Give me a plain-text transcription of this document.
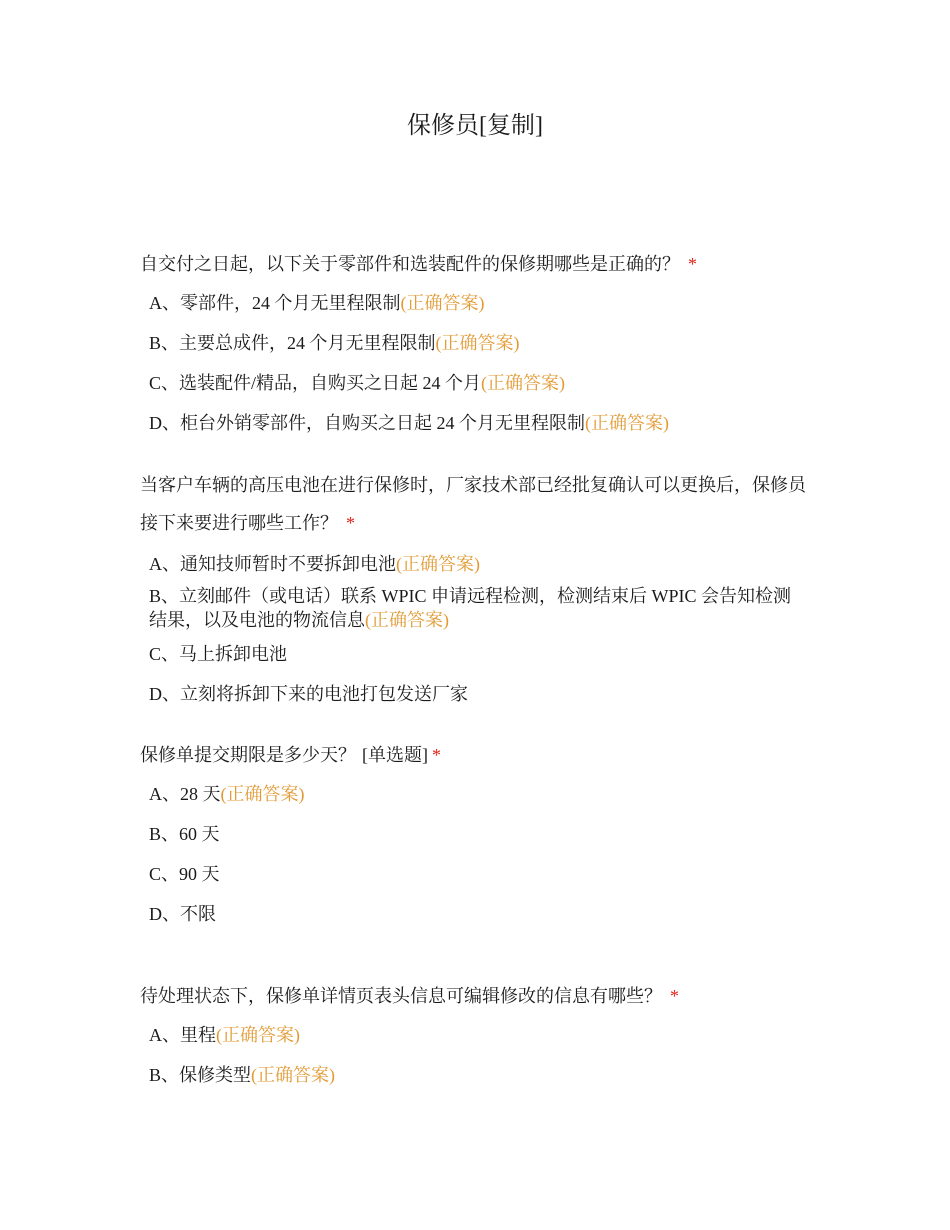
保修员[复制]

自交付之日起，以下关于零部件和选装配件的保修期哪些是正确的？ *

A、零部件，24 个月无里程限制(正确答案)

B、主要总成件，24 个月无里程限制(正确答案)

C、选装配件/精品，自购买之日起 24 个月(正确答案)

D、柜台外销零部件，自购买之日起 24 个月无里程限制(正确答案)

当客户车辆的高压电池在进行保修时，厂家技术部已经批复确认可以更换后，保修员接下来要进行哪些工作？ *

A、通知技师暂时不要拆卸电池(正确答案)

B、立刻邮件（或电话）联系 WPIC 申请远程检测，检测结束后 WPIC 会告知检测结果，以及电池的物流信息(正确答案)

C、马上拆卸电池

D、立刻将拆卸下来的电池打包发送厂家

保修单提交期限是多少天？ [单选题] *

A、28 天(正确答案)

B、60 天

C、90 天

D、不限

待处理状态下，保修单详情页表头信息可编辑修改的信息有哪些？ *

A、里程(正确答案)

B、保修类型(正确答案)
